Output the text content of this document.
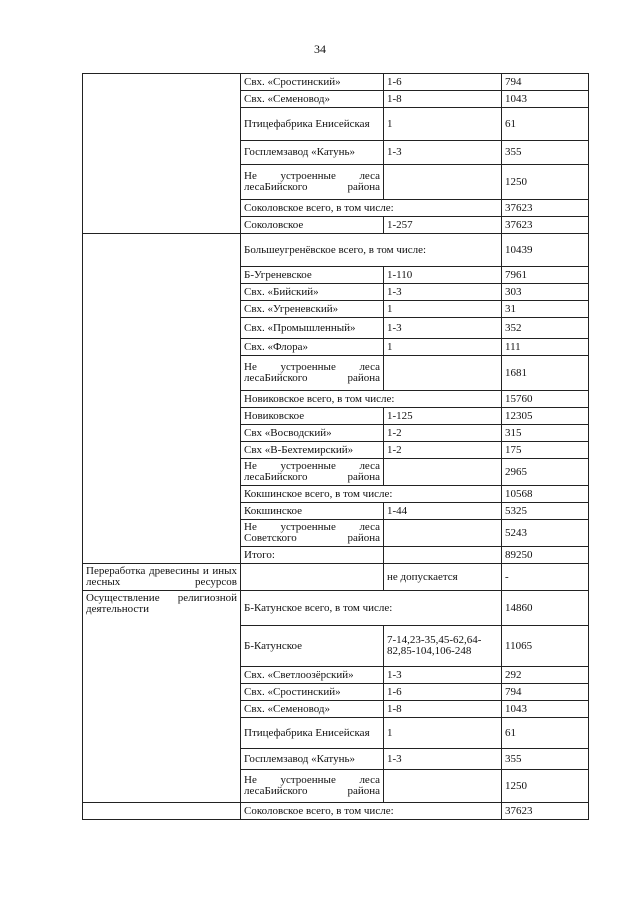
34
	Свх. «Сростинский»	1-6	794
	Свх. «Семеновод»	1-8	1043
	Птицефабрика Енисейская	1	61
	Госплемзавод «Катунь»	1-3	355
	Не устроенные леса лесаБийского района		1250
	Соколовское всего, в том числе:		37623
	Соколовское	1-257	37623
	Большеугренёвское всего, в том числе:		10439
	Б-Угреневское	1-110	7961
	Свх. «Бийский»	1-3	303
	Свх. «Угреневский»	1	31
	Свх. «Промышленный»	1-3	352
	Свх. «Флора»	1	111
	Не устроенные леса лесаБийского района		1681
	Новиковское всего, в том числе:		15760
	Новиковское	1-125	12305
	Свх «Восводский»	1-2	315
	Свх «В-Бехтемирский»	1-2	175
	Не устроенные леса лесаБийского района		2965
	Кокшинское всего, в том числе:		10568
	Кокшинское	1-44	5325
	Не устроенные леса Советского района		5243
	Итого:		89250
Переработка древесины и иных лесных ресурсов		не допускается	-
Осуществление религиозной деятельности	Б-Катунское всего, в том числе:		14860
	Б-Катунское	7-14,23-35,45-62,64-82,85-104,106-248	11065
	Свх. «Светлоозёрский»	1-3	292
	Свх. «Сростинский»	1-6	794
	Свх. «Семеновод»	1-8	1043
	Птицефабрика Енисейская	1	61
	Госплемзавод «Катунь»	1-3	355
	Не устроенные леса лесаБийского района		1250
	Соколовское всего, в том числе:		37623
